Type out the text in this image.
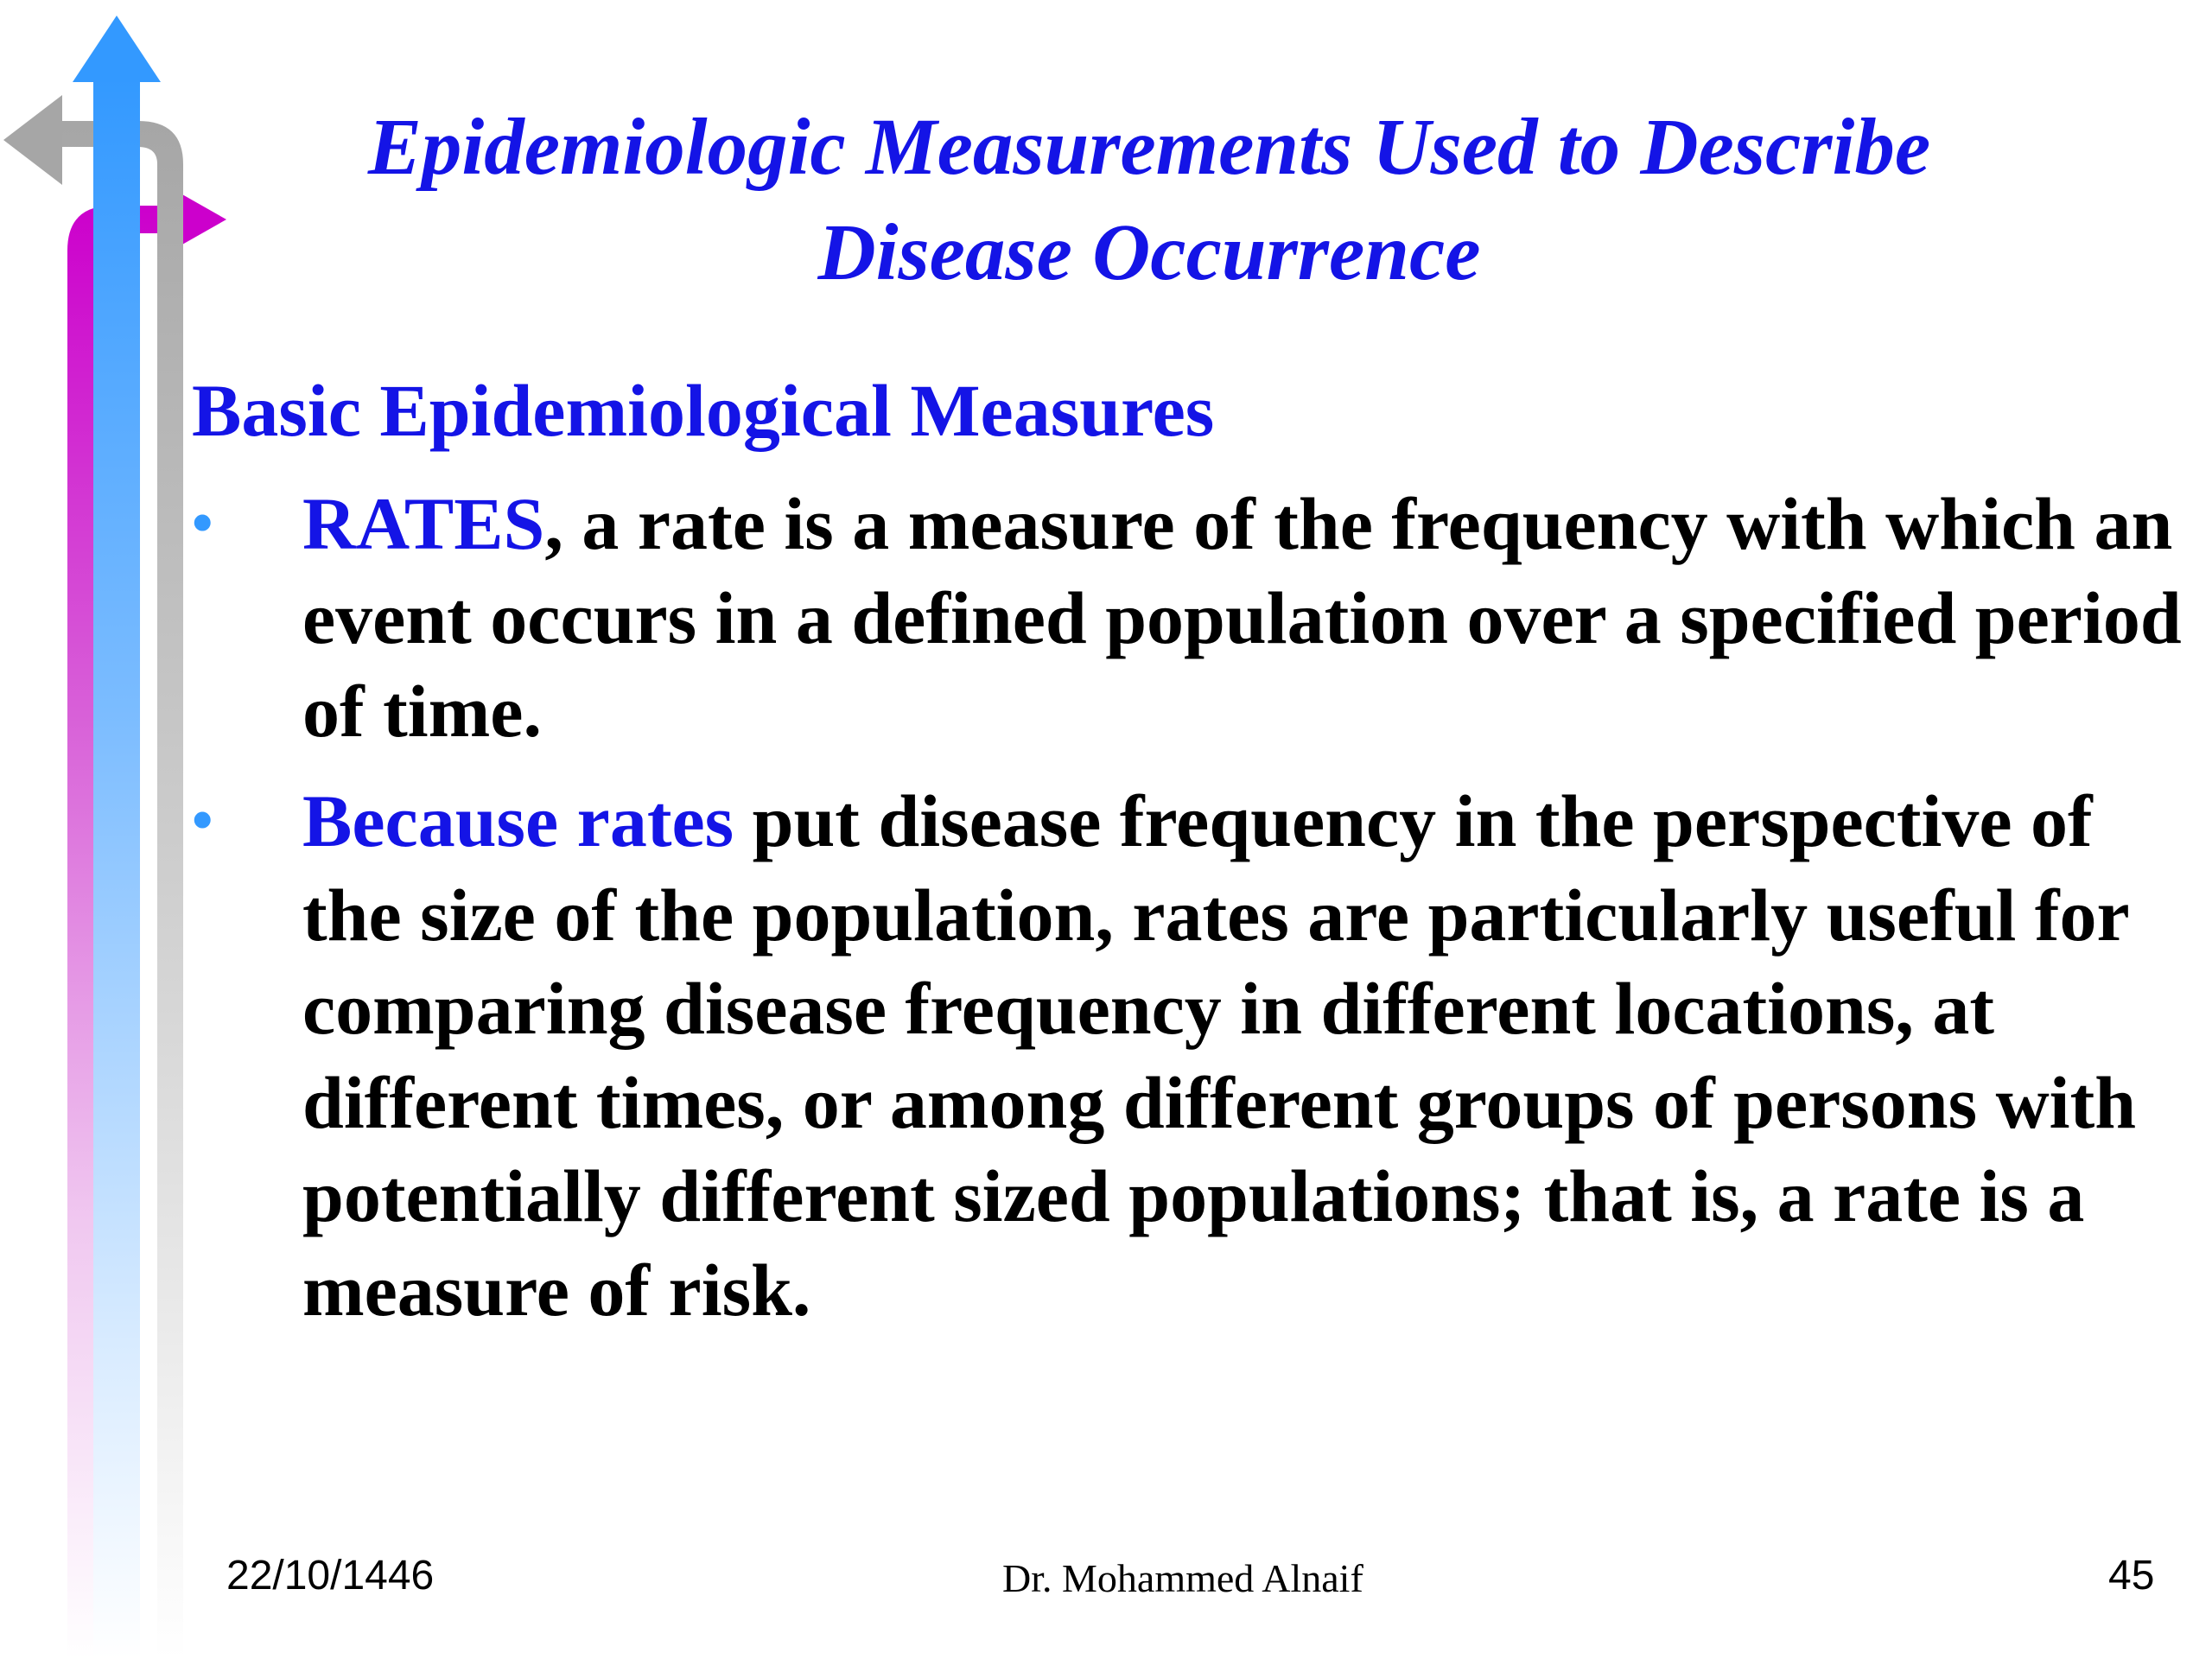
Epidemiologic Measurements Used to Describe
Disease Occurrence
Basic Epidemiological Measures
• RATES, a rate is a measure of the frequency with which an event occurs in a defined population over a specified period of time.
• Because rates put disease frequency in the perspective of the size of the population, rates are particularly useful for comparing disease frequency in different locations, at different times, or among different groups of persons with potentially different sized populations; that is, a rate is a measure of risk.
22/10/1446	Dr. Mohammed Alnaif	45
